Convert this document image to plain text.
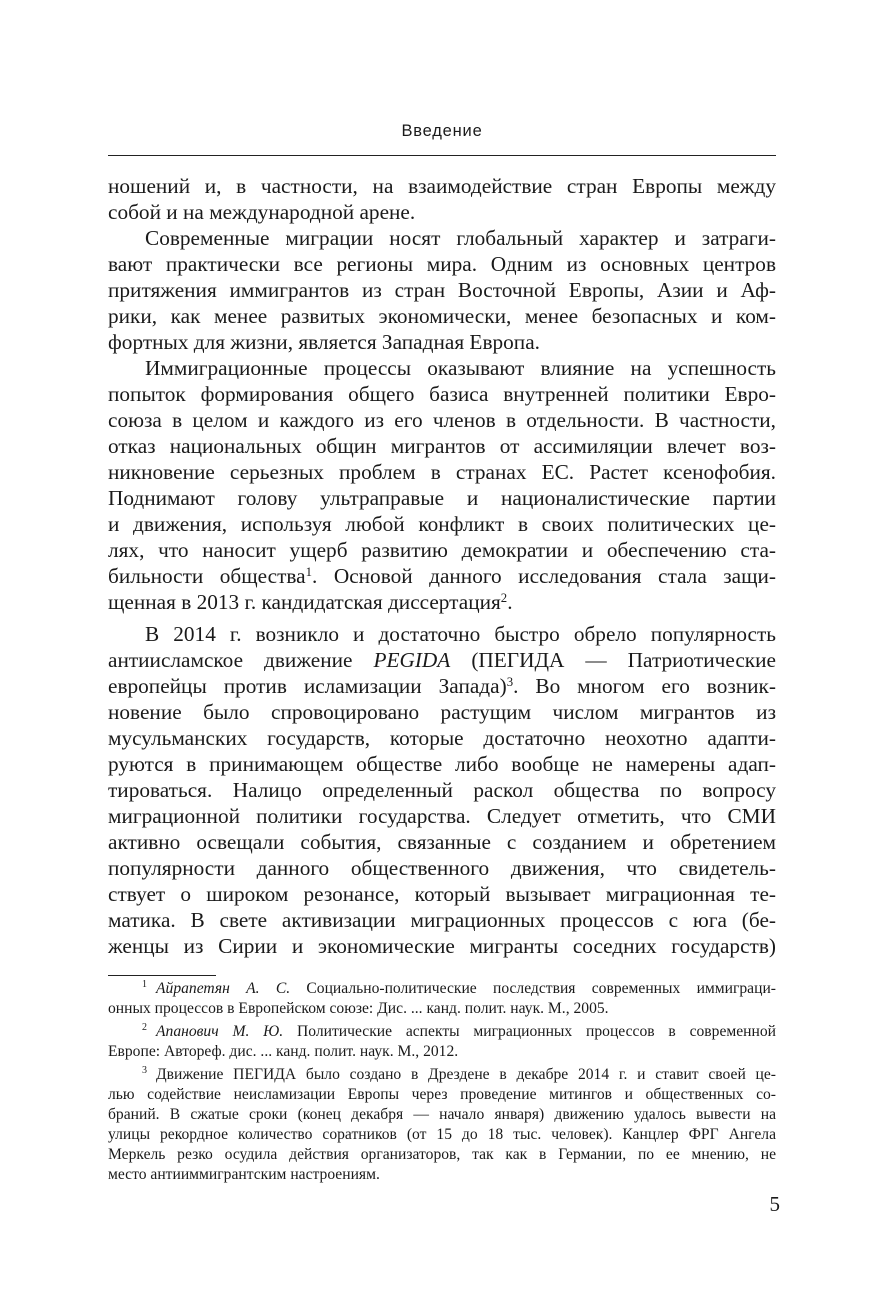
Введение

ношений и, в частности, на взаимодействие стран Европы между

собой и на международной арене.

Современные миграции носят глобальный характер и затраги-

вают практически все регионы мира. Одним из основных центров

притяжения иммигрантов из стран Восточной Европы, Азии и Аф-

рики, как менее развитых экономически, менее безопасных и ком-

фортных для жизни, является Западная Европа.

Иммиграционные процессы оказывают влияние на успешность

попыток формирования общего базиса внутренней политики Евро-

союза в целом и каждого из его членов в отдельности. В частности,

отказ национальных общин мигрантов от ассимиляции влечет воз-

никновение серьезных проблем в странах ЕС. Растет ксенофобия.

Поднимают голову ультраправые и националистические партии

и движения, используя любой конфликт в своих политических це-

лях, что наносит ущерб развитию демократии и обеспечению ста-

бильности общества$^1$. Основой данного исследования стала защи-

щенная в 2013 г. кандидатская диссертация$^2$.

В 2014 г. возникло и достаточно быстро обрело популярность

антиисламское движение PEGIDA (ПЕГИДА — Патриотические

европейцы против исламизации Запада)$^3$. Во многом его возник-

новение было спровоцировано растущим числом мигрантов из

мусульманских государств, которые достаточно неохотно адапти-

руются в принимающем обществе либо вообще не намерены адап-

тироваться. Налицо определенный раскол общества по вопросу

миграционной политики государства. Следует отметить, что СМИ

активно освещали события, связанные с созданием и обретением

популярности данного общественного движения, что свидетель-

ствует о широком резонансе, который вызывает миграционная те-

матика. В свете активизации миграционных процессов с юга (бе-

женцы из Сирии и экономические мигранты соседних государств)

$^1$ Айрапетян А. С. Социально-политические последствия современных иммиграци-

онных процессов в Европейском союзе: Дис. ... канд. полит. наук. М., 2005.

$^2$ Апанович М. Ю. Политические аспекты миграционных процессов в современной

Европе: Автореф. дис. ... канд. полит. наук. М., 2012.

$^3$ Движение ПЕГИДА было создано в Дрездене в декабре 2014 г. и ставит своей це-

лью содействие неисламизации Европы через проведение митингов и общественных со-

браний. В сжатые сроки (конец декабря — начало января) движению удалось вывести на

улицы рекордное количество соратников (от 15 до 18 тыс. человек). Канцлер ФРГ Ангела

Меркель резко осудила действия организаторов, так как в Германии, по ее мнению, не

место антииммигрантским настроениям.

5
